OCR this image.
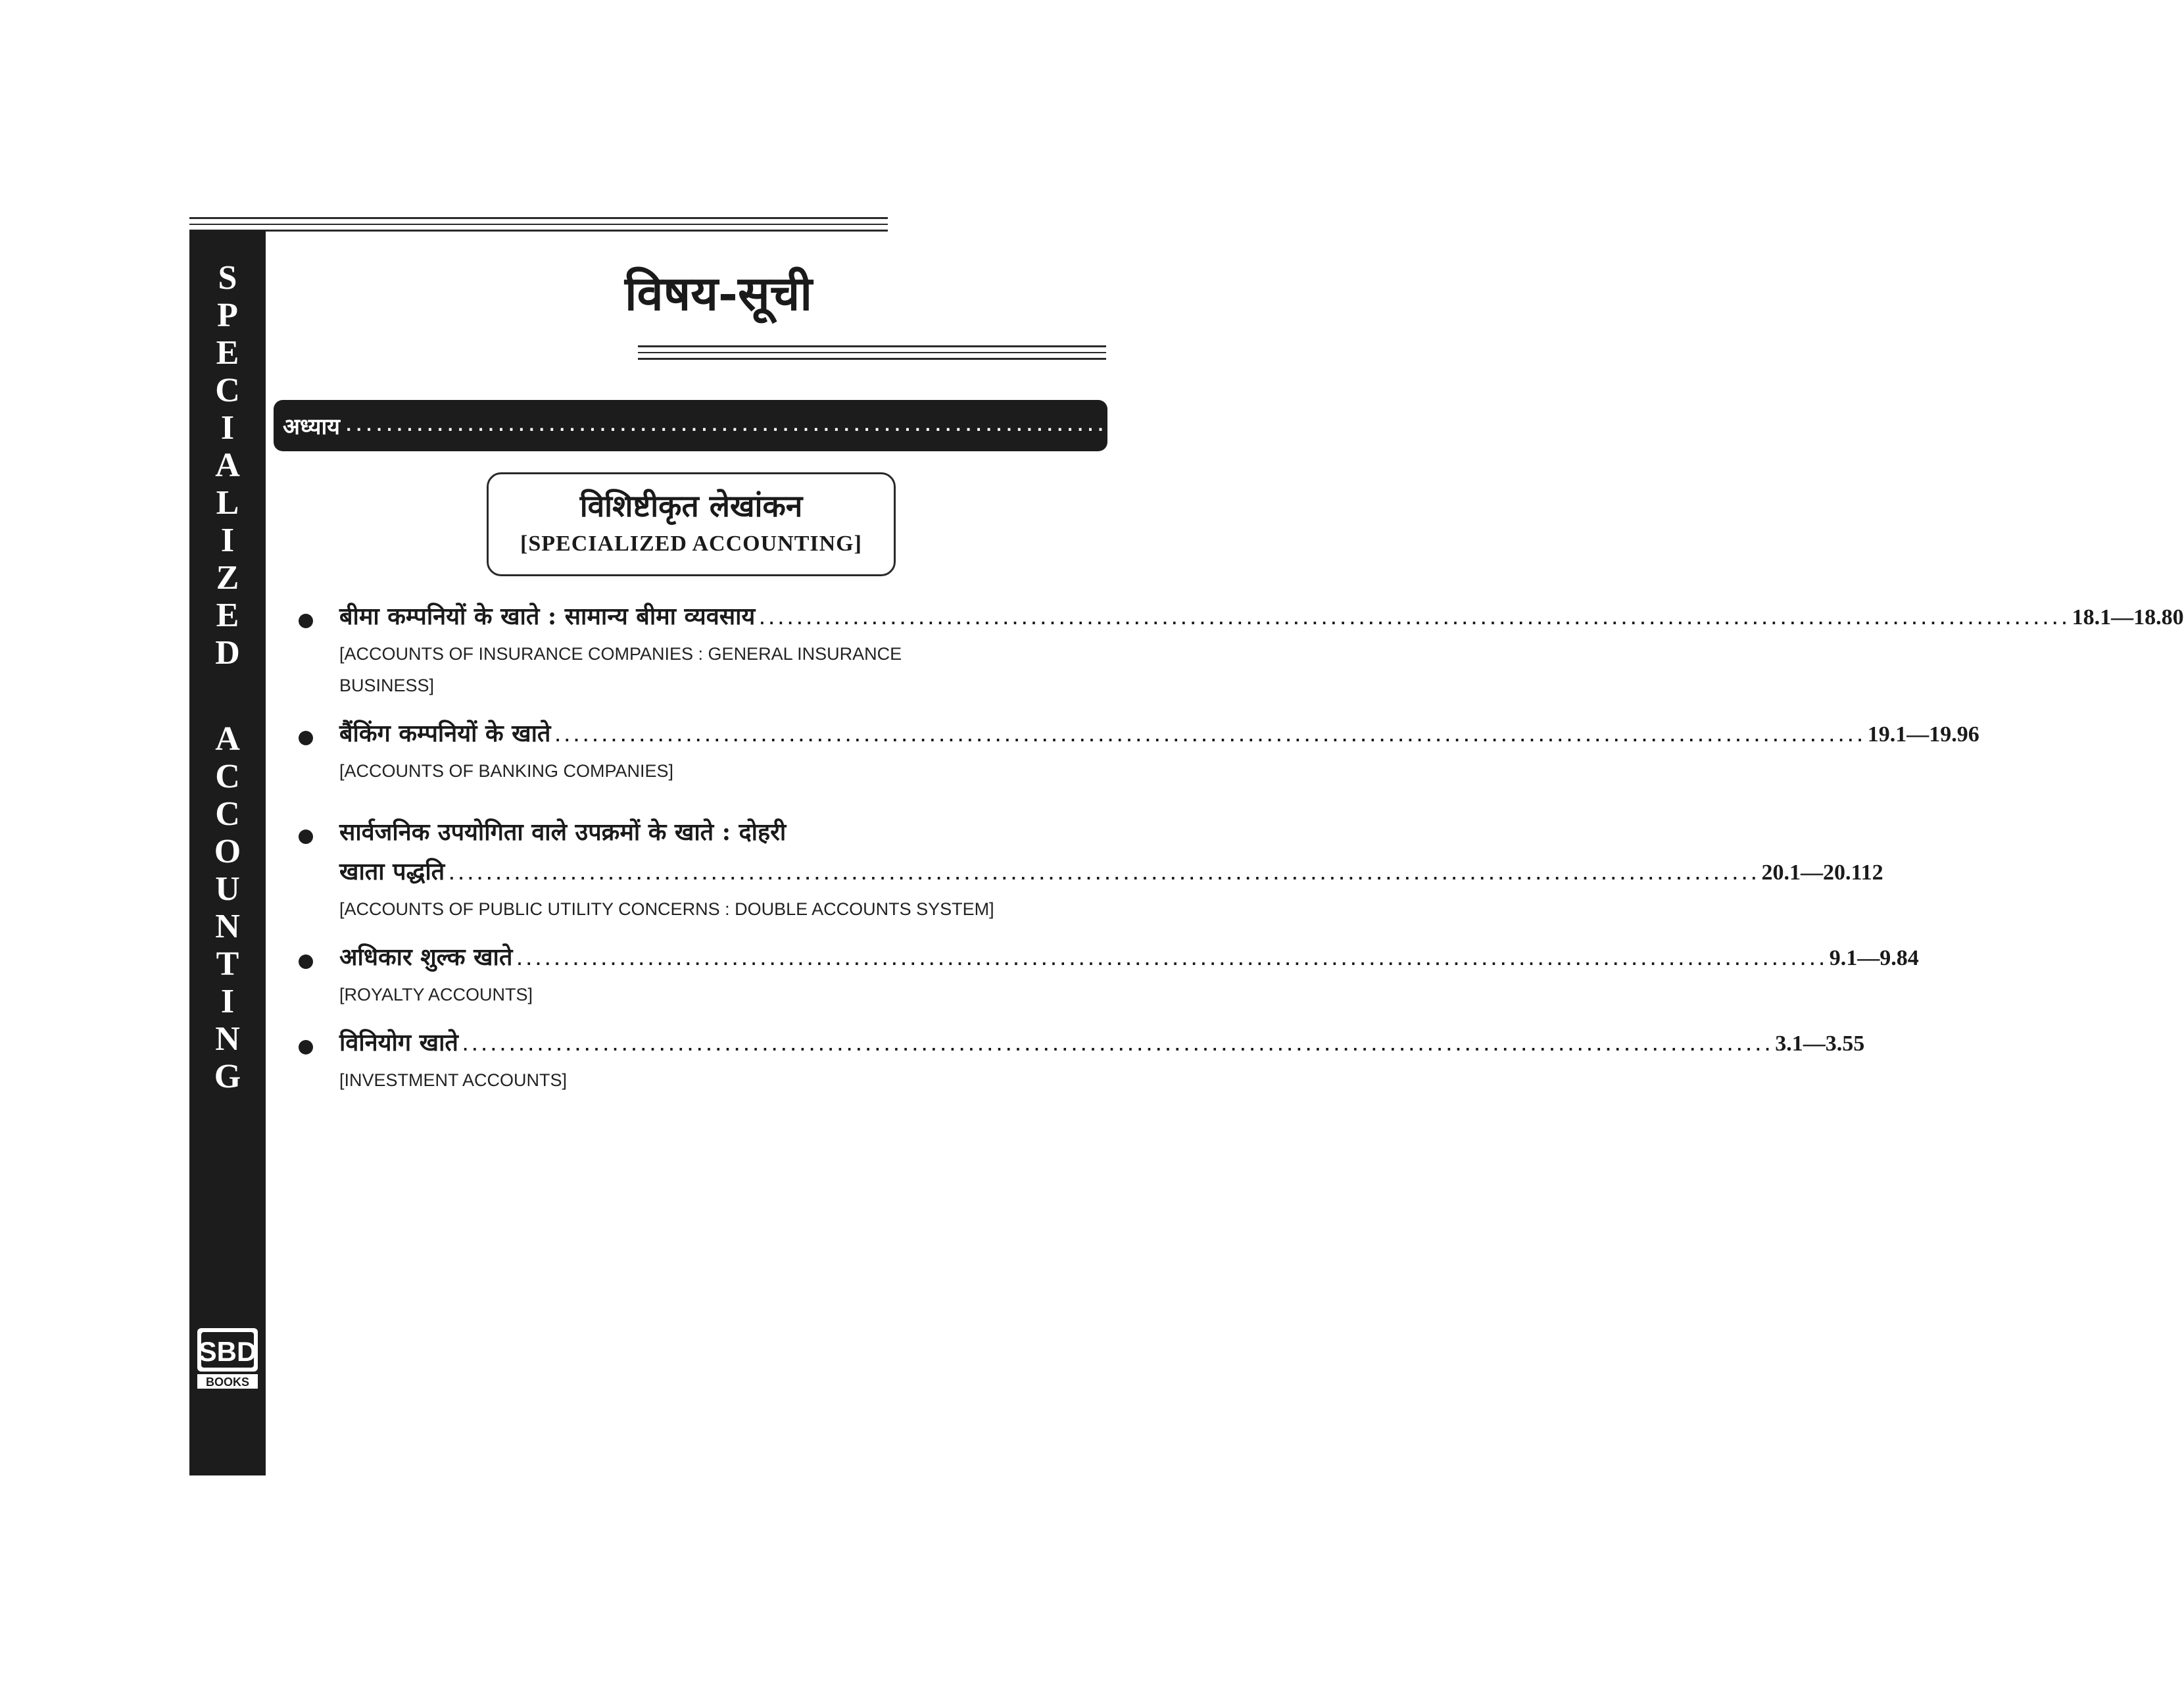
S
P
E
C
I
A
L
I
Z
E
D
A
C
C
O
U
N
T
I
N
G
SBD
BOOKS
विषय-सूची
अध्याय ..................................................................................................................................
पृष्ठ-संख्या
विशिष्टीकृत लेखांकन
[SPECIALIZED ACCOUNTING]
बीमा कम्पनियों के खाते : सामान्य बीमा व्यवसाय ............................................................................................................................................ 18.1—18.80
[ACCOUNTS OF INSURANCE COMPANIES : GENERAL INSURANCE
BUSINESS]
बैंकिंग कम्पनियों के खाते ............................................................................................................................................ 19.1—19.96
[ACCOUNTS OF BANKING COMPANIES]
सार्वजनिक उपयोगिता वाले उपक्रमों के खाते : दोहरी
खाता पद्धति ............................................................................................................................................ 20.1—20.112
[ACCOUNTS OF PUBLIC UTILITY CONCERNS : DOUBLE ACCOUNTS SYSTEM]
अधिकार शुल्क खाते ............................................................................................................................................ 9.1—9.84
[ROYALTY ACCOUNTS]
विनियोग खाते ............................................................................................................................................ 3.1—3.55
[INVESTMENT ACCOUNTS]
